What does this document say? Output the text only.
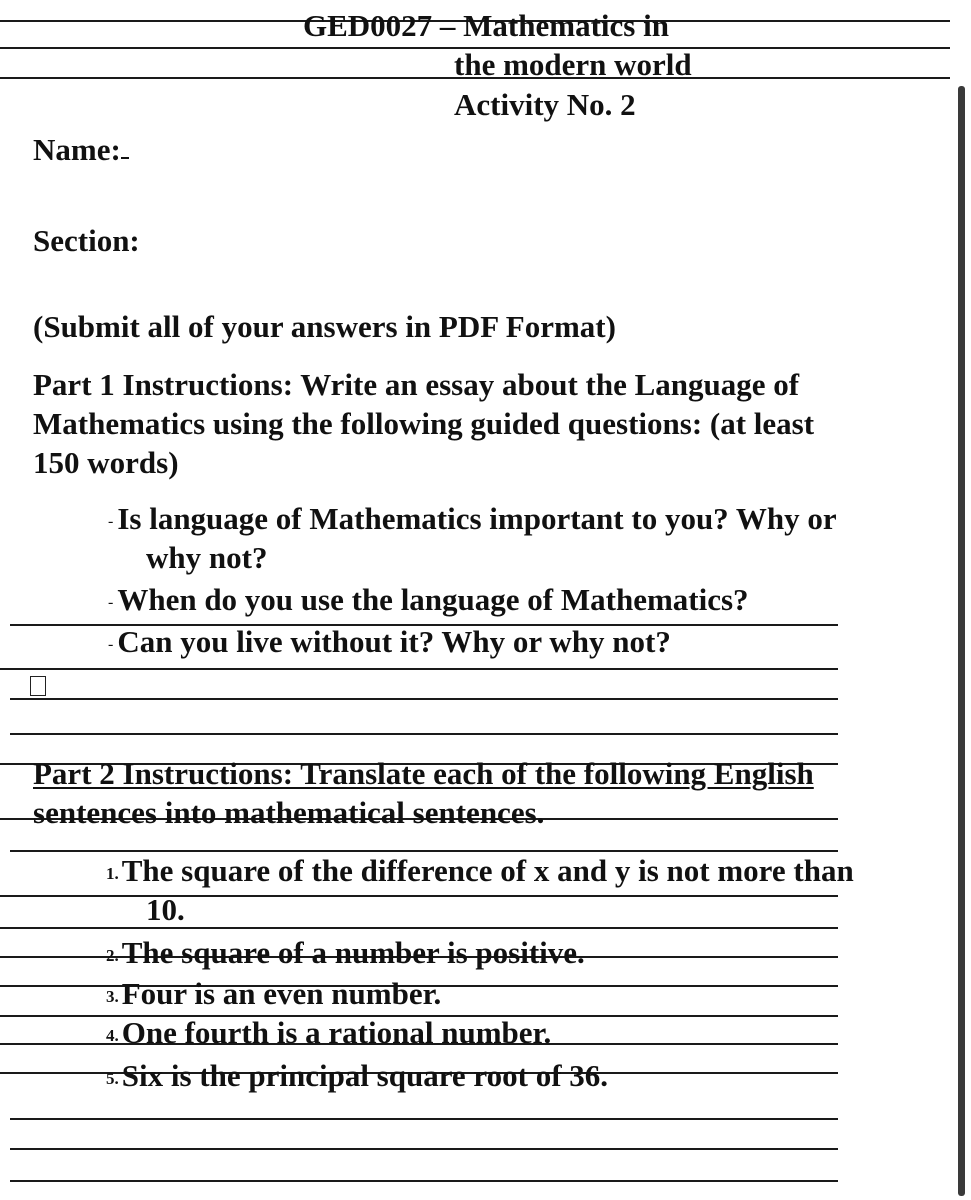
GED0027 – Mathematics in
the modern world
Activity No. 2
Name:
Section:
(Submit all of your answers in PDF Format)
Part 1 Instructions: Write an essay about the Language of
Mathematics using the following guided questions: (at least
150 words)
- Is language of Mathematics important to you? Why or
why not?
- When do you use the language of Mathematics?
- Can you live without it? Why or why not?
Part 2 Instructions: Translate each of the following English
sentences into mathematical sentences.
1.The square of the difference of x and y is not more than
10.
2.The square of a number is positive.
3.Four is an even number.
4.One fourth is a rational number.
5.Six is the principal square root of 36.
